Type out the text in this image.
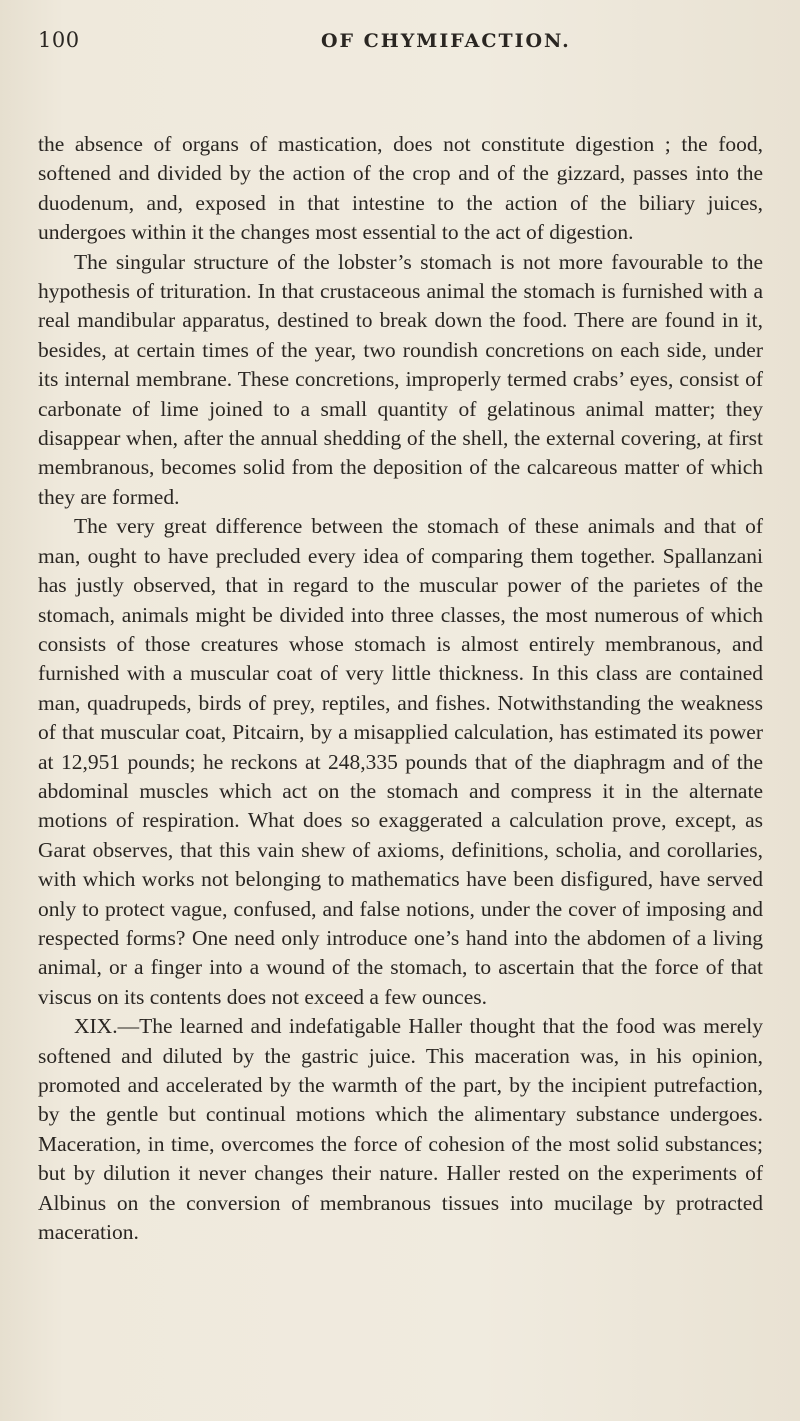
100	OF CHYMIFACTION.

the absence of organs of mastication, does not constitute digestion ; the food, softened and divided by the action of the crop and of the gizzard, passes into the duodenum, and, exposed in that intestine to the action of the biliary juices, undergoes within it the changes most essential to the act of digestion.

The singular structure of the lobster’s stomach is not more favourable to the hypothesis of trituration. In that crustaceous animal the stomach is furnished with a real mandibular apparatus, destined to break down the food. There are found in it, besides, at certain times of the year, two roundish concretions on each side, under its internal membrane. These concretions, improperly termed crabs’ eyes, consist of carbonate of lime joined to a small quantity of gelatinous animal matter; they disappear when, after the annual shedding of the shell, the external covering, at first membranous, becomes solid from the deposition of the calcareous matter of which they are formed.

The very great difference between the stomach of these animals and that of man, ought to have precluded every idea of comparing them together. Spallanzani has justly observed, that in regard to the muscular power of the parietes of the stomach, animals might be divided into three classes, the most numerous of which consists of those creatures whose stomach is almost entirely membranous, and furnished with a muscular coat of very little thickness. In this class are contained man, quadrupeds, birds of prey, reptiles, and fishes. Notwithstanding the weakness of that muscular coat, Pitcairn, by a misapplied calculation, has estimated its power at 12,951 pounds; he reckons at 248,335 pounds that of the diaphragm and of the abdominal muscles which act on the stomach and compress it in the alternate motions of respiration. What does so exaggerated a calculation prove, except, as Garat observes, that this vain shew of axioms, definitions, scholia, and corollaries, with which works not belonging to mathematics have been disfigured, have served only to protect vague, confused, and false notions, under the cover of imposing and respected forms? One need only introduce one’s hand into the abdomen of a living animal, or a finger into a wound of the stomach, to ascertain that the force of that viscus on its contents does not exceed a few ounces.

XIX.—The learned and indefatigable Haller thought that the food was merely softened and diluted by the gastric juice. This maceration was, in his opinion, promoted and accelerated by the warmth of the part, by the incipient putrefaction, by the gentle but continual motions which the alimentary substance undergoes. Maceration, in time, overcomes the force of cohesion of the most solid substances; but by dilution it never changes their nature. Haller rested on the experiments of Albinus on the conversion of membranous tissues into mucilage by protracted maceration.
